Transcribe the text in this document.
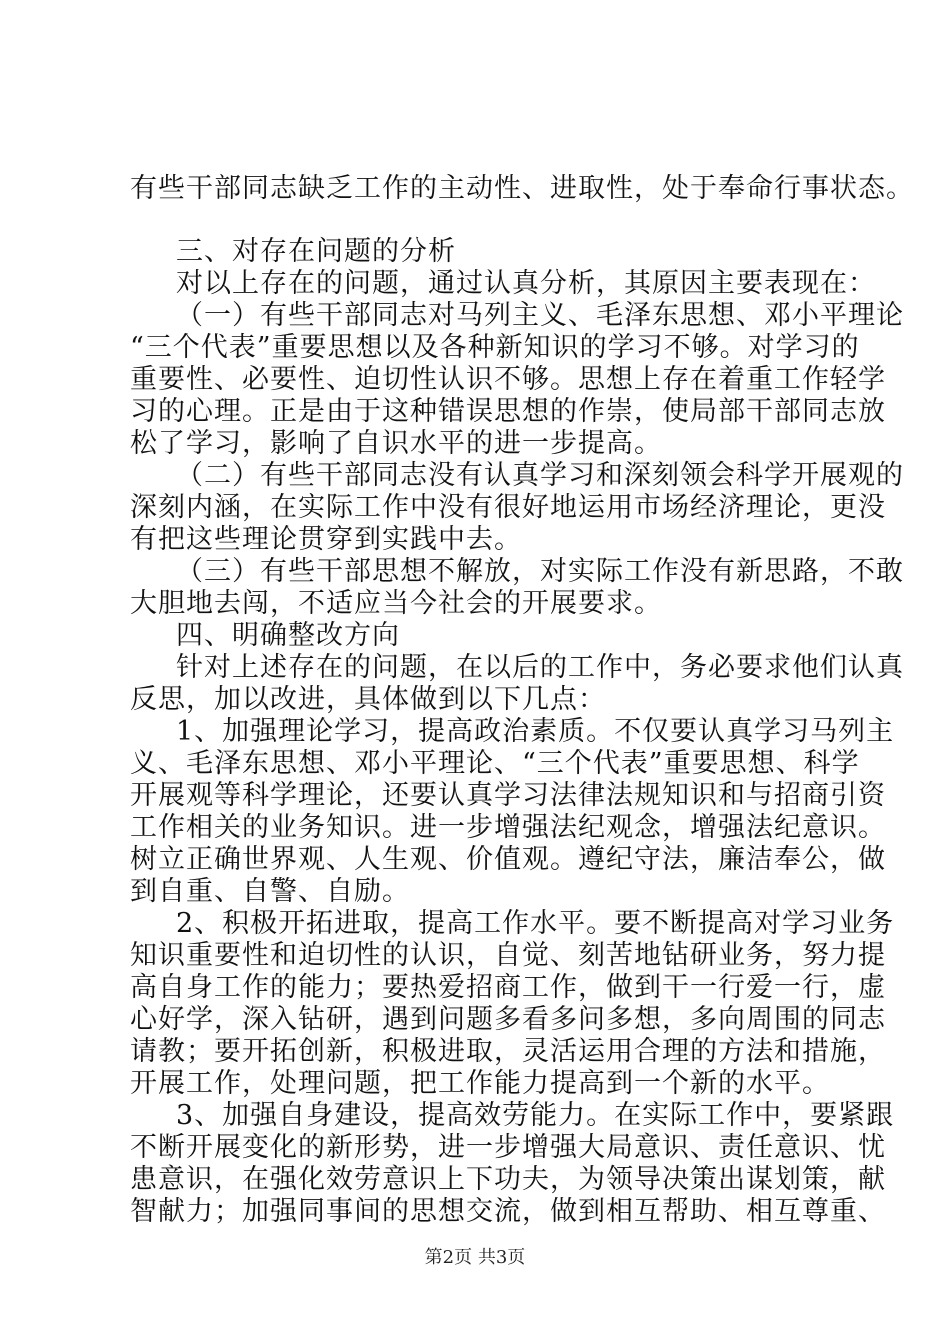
有些干部同志缺乏工作的主动性、进取性，处于奉命行事状态。
三、对存在问题的分析
对以上存在的问题，通过认真分析，其原因主要表现在：
（一）有些干部同志对马列主义、毛泽东思想、邓小平理论
“三个代表”重要思想以及各种新知识的学习不够。对学习的
重要性、必要性、迫切性认识不够。思想上存在着重工作轻学
习的心理。正是由于这种错误思想的作崇，使局部干部同志放
松了学习，影响了自识水平的进一步提高。
（二）有些干部同志没有认真学习和深刻领会科学开展观的
深刻内涵，在实际工作中没有很好地运用市场经济理论，更没
有把这些理论贯穿到实践中去。
（三）有些干部思想不解放，对实际工作没有新思路，不敢
大胆地去闯，不适应当今社会的开展要求。
四、明确整改方向
针对上述存在的问题，在以后的工作中，务必要求他们认真
反思，加以改进，具体做到以下几点：
1、加强理论学习，提高政治素质。不仅要认真学习马列主
义、毛泽东思想、邓小平理论、“三个代表”重要思想、科学
开展观等科学理论，还要认真学习法律法规知识和与招商引资
工作相关的业务知识。进一步增强法纪观念，增强法纪意识。
树立正确世界观、人生观、价值观。遵纪守法，廉洁奉公，做
到自重、自警、自励。
2、积极开拓进取，提高工作水平。要不断提高对学习业务
知识重要性和迫切性的认识，自觉、刻苦地钻研业务，努力提
高自身工作的能力；要热爱招商工作，做到干一行爱一行，虚
心好学，深入钻研，遇到问题多看多问多想，多向周围的同志
请教；要开拓创新，积极进取，灵活运用合理的方法和措施，
开展工作，处理问题，把工作能力提高到一个新的水平。
3、加强自身建设，提高效劳能力。在实际工作中，要紧跟
不断开展变化的新形势，进一步增强大局意识、责任意识、忧
患意识，在强化效劳意识上下功夫，为领导决策出谋划策，献
智献力；加强同事间的思想交流，做到相互帮助、相互尊重、
第2页 共3页
